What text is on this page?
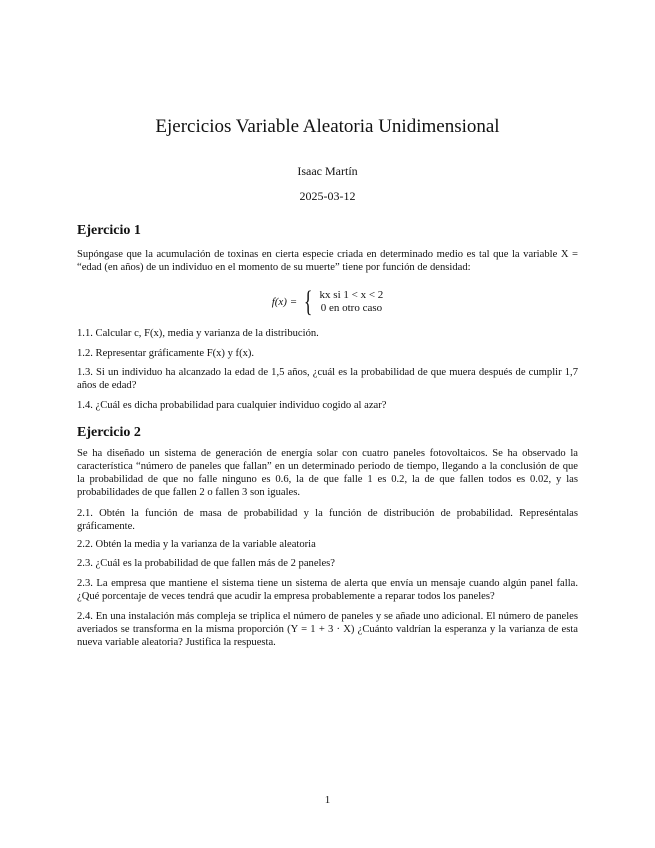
Ejercicios Variable Aleatoria Unidimensional
Isaac Martín
2025-03-12
Ejercicio 1
Supóngase que la acumulación de toxinas en cierta especie criada en determinado medio es tal que la variable X = “edad (en años) de un individuo en el momento de su muerte” tiene por función de densidad:
f(x) = { kx si 1 < x < 2
0 en otro caso
1.1. Calcular c, F(x), media y varianza de la distribución.
1.2. Representar gráficamente F(x) y f(x).
1.3. Si un individuo ha alcanzado la edad de 1,5 años, ¿cuál es la probabilidad de que muera después de cumplir 1,7 años de edad?
1.4. ¿Cuál es dicha probabilidad para cualquier individuo cogido al azar?
Ejercicio 2
Se ha diseñado un sistema de generación de energía solar con cuatro paneles fotovoltaicos. Se ha observado la característica “número de paneles que fallan” en un determinado periodo de tiempo, llegando a la conclusión de que la probabilidad de que no falle ninguno es 0.6, la de que falle 1 es 0.2, la de que fallen todos es 0.02, y las probabilidades de que fallen 2 o fallen 3 son iguales.
2.1. Obtén la función de masa de probabilidad y la función de distribución de probabilidad. Represéntalas gráficamente.
2.2. Obtén la media y la varianza de la variable aleatoria
2.3. ¿Cuál es la probabilidad de que fallen más de 2 paneles?
2.3. La empresa que mantiene el sistema tiene un sistema de alerta que envía un mensaje cuando algún panel falla. ¿Qué porcentaje de veces tendrá que acudir la empresa probablemente a reparar todos los paneles?
2.4. En una instalación más compleja se triplica el número de paneles y se añade uno adicional. El número de paneles averiados se transforma en la misma proporción (Y = 1 + 3 · X) ¿Cuánto valdrían la esperanza y la varianza de esta nueva variable aleatoria? Justifica la respuesta.
1
